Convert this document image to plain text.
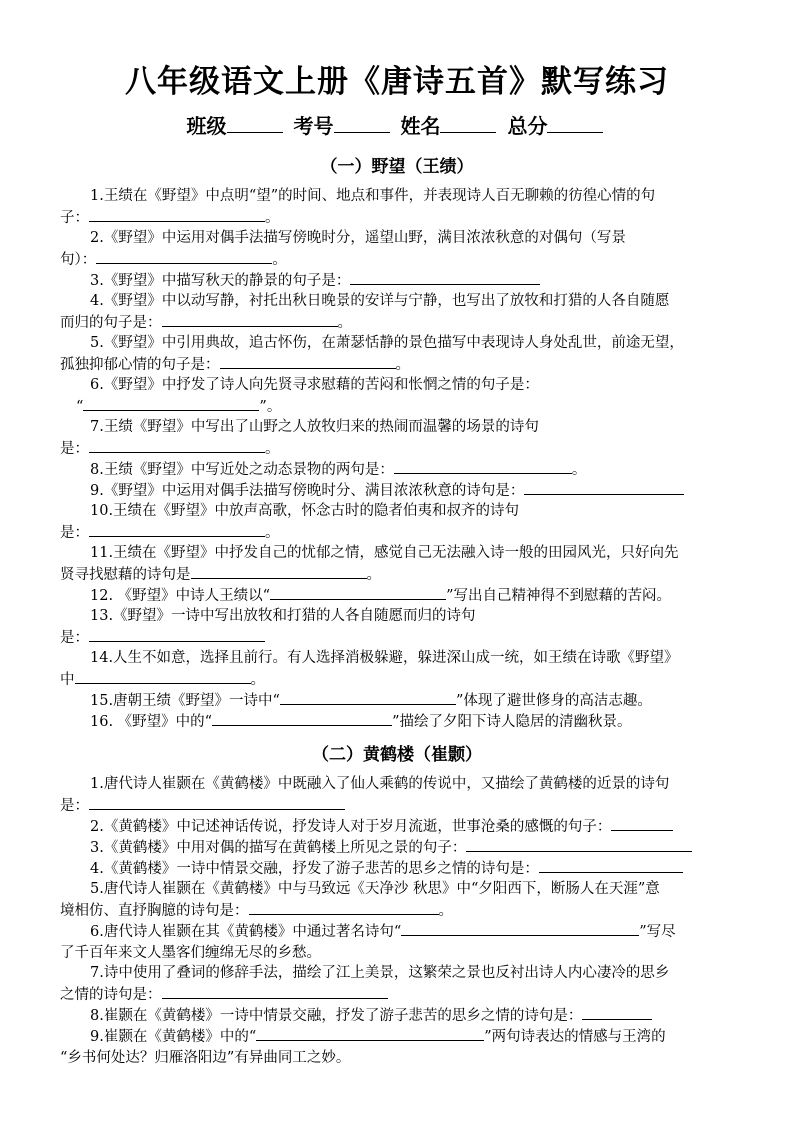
八年级语文上册《唐诗五首》默写练习
班级	考号	姓名	总分
（一）野望（王绩）
1.王绩在《野望》中点明“望”的时间、地点和事件，并表现诗人百无聊赖的彷徨心情的句
子：	。
2.《野望》中运用对偶手法描写傍晚时分，遥望山野，满目浓浓秋意的对偶句（写景
句）：	。
3.《野望》中描写秋天的静景的句子是：
4.《野望》中以动写静，衬托出秋日晚景的安详与宁静，也写出了放牧和打猎的人各自随愿
而归的句子是：	。
5.《野望》中引用典故，追古怀伤，在萧瑟恬静的景色描写中表现诗人身处乱世，前途无望，
孤独抑郁心情的句子是：	。
6.《野望》中抒发了诗人向先贤寻求慰藉的苦闷和怅惘之情的句子是：
“	”。
7.王绩《野望》中写出了山野之人放牧归来的热闹而温馨的场景的诗句
是：	。
8.王绩《野望》中写近处之动态景物的两句是：	。
9.《野望》中运用对偶手法描写傍晚时分、满目浓浓秋意的诗句是：
10.王绩在《野望》中放声高歌，怀念古时的隐者伯夷和叔齐的诗句
是：	。
11.王绩在《野望》中抒发自己的忧郁之情，感觉自己无法融入诗一般的田园风光，只好向先
贤寻找慰藉的诗句是	。
12. 《野望》中诗人王绩以“	”写出自己精神得不到慰藉的苦闷。
13.《野望》一诗中写出放牧和打猎的人各自随愿而归的诗句
是：
14.人生不如意，选择且前行。有人选择消极躲避，躲进深山成一统，如王绩在诗歌《野望》
中	。
15.唐朝王绩《野望》一诗中“	”体现了避世修身的高洁志趣。
16. 《野望》中的“	”描绘了夕阳下诗人隐居的清幽秋景。
（二）黄鹤楼（崔颢）
1.唐代诗人崔颢在《黄鹤楼》中既融入了仙人乘鹤的传说中，又描绘了黄鹤楼的近景的诗句
是：
2.《黄鹤楼》中记述神话传说，抒发诗人对于岁月流逝，世事沧桑的感慨的句子：
3.《黄鹤楼》中用对偶的描写在黄鹤楼上所见之景的句子：
4.《黄鹤楼》一诗中情景交融，抒发了游子悲苦的思乡之情的诗句是：
5.唐代诗人崔颢在《黄鹤楼》中与马致远《天净沙 秋思》中“夕阳西下，断肠人在天涯”意
境相仿、直抒胸臆的诗句是：	。
6.唐代诗人崔颢在其《黄鹤楼》中通过著名诗句“	”写尽
了千百年来文人墨客们缠绵无尽的乡愁。
7.诗中使用了叠词的修辞手法，描绘了江上美景，这繁荣之景也反衬出诗人内心凄冷的思乡
之情的诗句是：
8.崔颢在《黄鹤楼》一诗中情景交融，抒发了游子悲苦的思乡之情的诗句是：
9.崔颢在《黄鹤楼》中的“	”两句诗表达的情感与王湾的
“乡书何处达？归雁洛阳边”有异曲同工之妙。
